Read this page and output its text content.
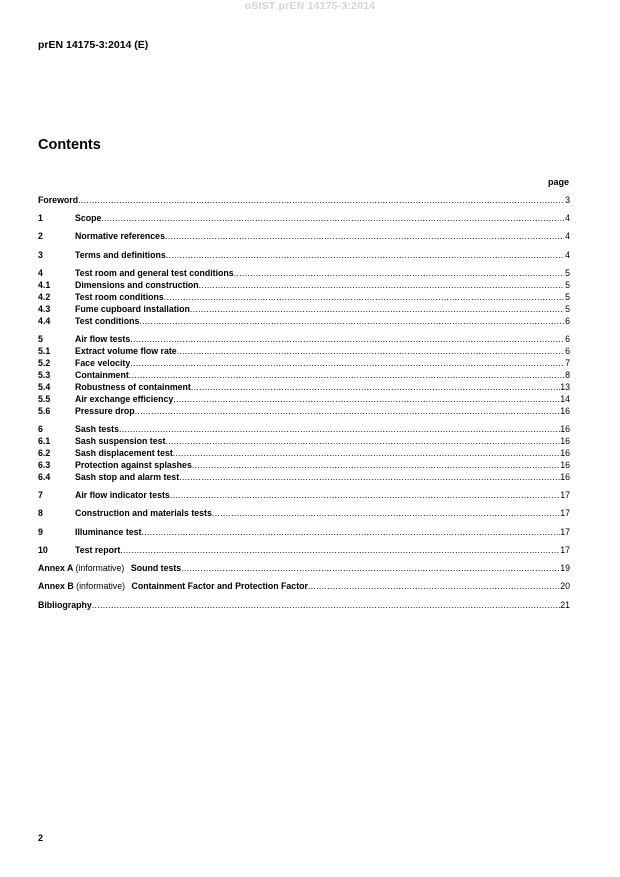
oSIST prEN 14175-3:2014
prEN 14175-3:2014 (E)
Contents
page
Foreword .....	3
1	Scope .....	4
2	Normative references .....	4
3	Terms and definitions .....	4
4	Test room and general test conditions .....	5
4.1	Dimensions and construction .....	5
4.2	Test room conditions .....	5
4.3	Fume cupboard installation .....	5
4.4	Test conditions .....	6
5	Air flow tests .....	6
5.1	Extract volume flow rate .....	6
5.2	Face velocity .....	7
5.3	Containment .....	8
5.4	Robustness of containment .....	13
5.5	Air exchange efficiency .....	14
5.6	Pressure drop .....	16
6	Sash tests .....	16
6.1	Sash suspension test .....	16
6.2	Sash displacement test .....	16
6.3	Protection against splashes .....	16
6.4	Sash stop and alarm test .....	16
7	Air flow indicator tests .....	17
8	Construction and materials tests .....	17
9	Illuminance test .....	17
10	Test report .....	17
Annex A (informative) Sound tests .....	19
Annex B (informative) Containment Factor and Protection Factor .....	20
Bibliography .....	21
2
